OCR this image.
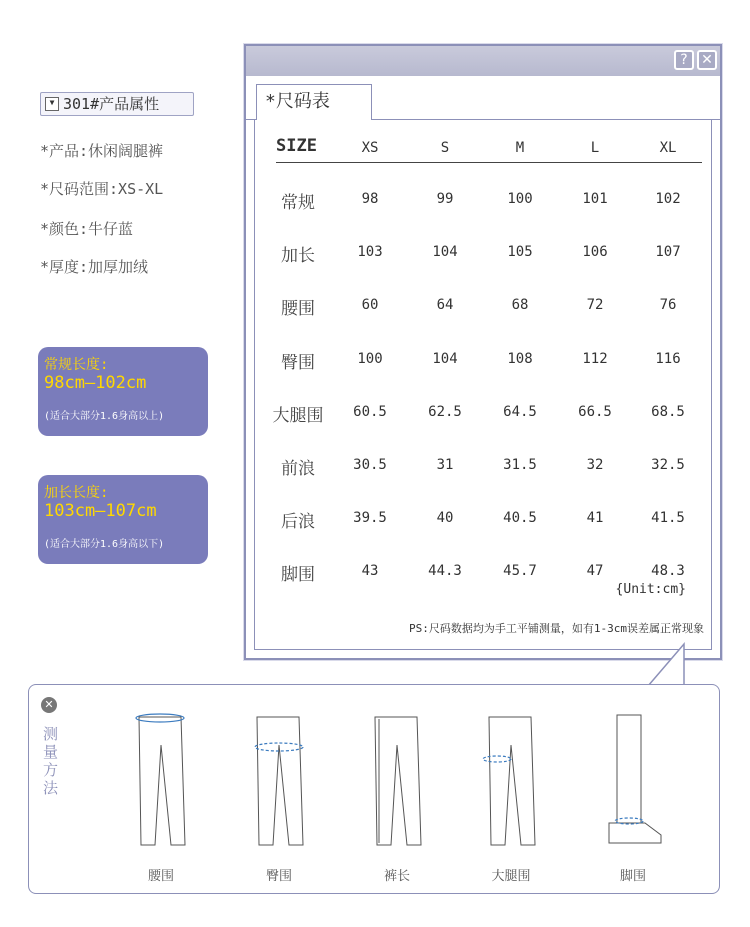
▼ 301#产品属性
*产品:休闲阔腿裤
*尺码范围:XS-XL
*颜色:牛仔蓝
*厚度:加厚加绒
常规长度:
98cm—102cm
(适合大部分1.6身高以上)
加长长度:
103cm—107cm
(适合大部分1.6身高以下)
? ✕
*尺码表
SIZE	XS	S	M	L	XL
常规	98	99	100	101	102
加长	103	104	105	106	107
腰围	60	64	68	72	76
臀围	100	104	108	112	116
大腿围	60.5	62.5	64.5	66.5	68.5
前浪	30.5	31	31.5	32	32.5
后浪	39.5	40	40.5	41	41.5
脚围	43	44.3	45.7	47	48.3
{Unit:cm}
PS:尺码数据均为手工平铺测量，如有1-3cm误差属正常现象
✕
测量方法
腰围	臀围	裤长	大腿围	脚围
